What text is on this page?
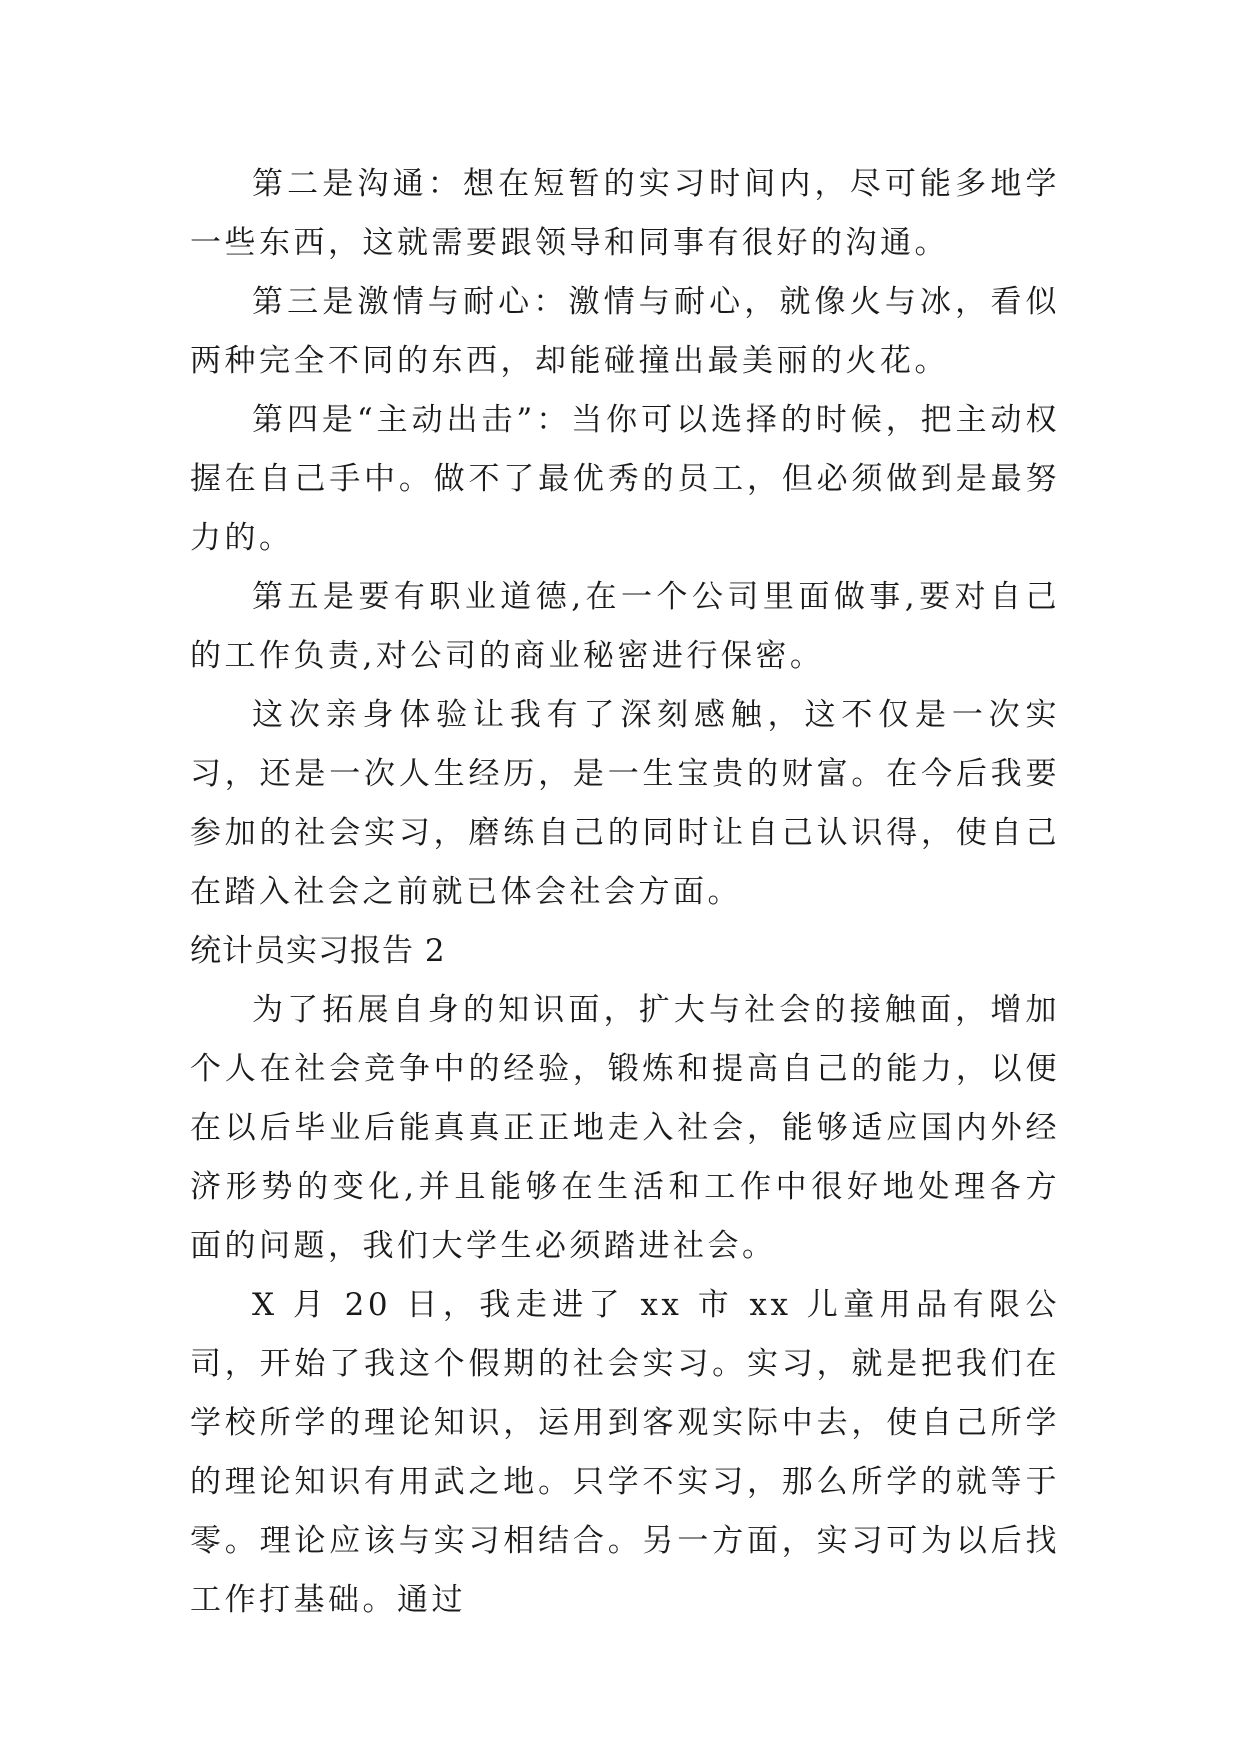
第二是沟通：想在短暂的实习时间内，尽可能多地学一些东西，这就需要跟领导和同事有很好的沟通。

第三是激情与耐心：激情与耐心，就像火与冰，看似两种完全不同的东西，却能碰撞出最美丽的火花。

第四是“主动出击”：当你可以选择的时候，把主动权握在自己手中。做不了最优秀的员工，但必须做到是最努力的。

第五是要有职业道德,在一个公司里面做事,要对自己的工作负责,对公司的商业秘密进行保密。

这次亲身体验让我有了深刻感触，这不仅是一次实习，还是一次人生经历，是一生宝贵的财富。在今后我要参加的社会实习，磨练自己的同时让自己认识得，使自己在踏入社会之前就已体会社会方面。

统计员实习报告 2

为了拓展自身的知识面，扩大与社会的接触面，增加个人在社会竞争中的经验，锻炼和提高自己的能力，以便在以后毕业后能真真正正地走入社会，能够适应国内外经济形势的变化,并且能够在生活和工作中很好地处理各方面的问题，我们大学生必须踏进社会。

X 月 20 日，我走进了 xx 市 xx 儿童用品有限公司，开始了我这个假期的社会实习。实习，就是把我们在学校所学的理论知识，运用到客观实际中去，使自己所学的理论知识有用武之地。只学不实习，那么所学的就等于零。理论应该与实习相结合。另一方面，实习可为以后找工作打基础。通过
